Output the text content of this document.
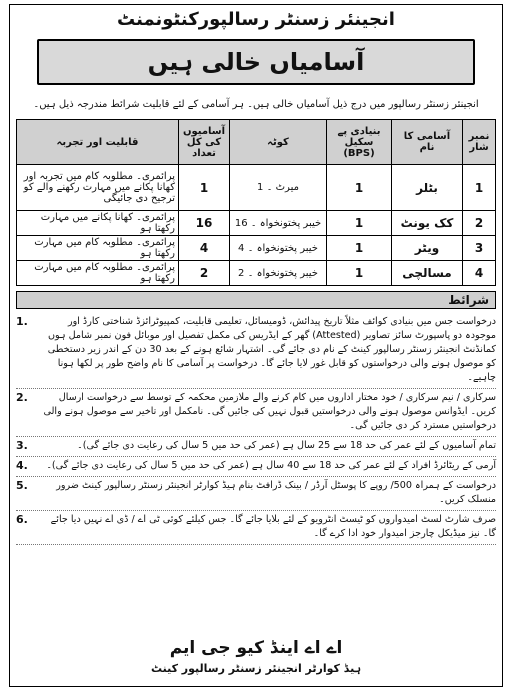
انجینئر زسنٹر رسالپورکنٹونمنٹ
آسامیاں خالی ہیں
انجینئر زسنٹر رسالپور میں درج ذیل آسامیاں خالی ہیں۔ ہر آسامی کے لئے قابلیت شرائط مندرجہ ذیل ہیں۔
نمبر شار	آسامی کا نام	بنیادی پے سکیل (BPS)	کوٹہ	آسامیوں کی کل تعداد	قابلیت اور تجربہ
1	بٹلر	1	میرٹ ۔ 1	1	پرائمری۔ مطلوبہ کام میں تجربہ اور کھانا پکانے میں مہارت رکھنے والے کو ترجیح دی جائیگی
2	کک یونٹ	1	خیبر پختونخواہ ۔ 16	16	پرائمری۔ کھانا پکانے میں مہارت رکھتا ہو
3	ویٹر	1	خیبر پختونخواہ ۔ 4	4	پرائمری۔ مطلوبہ کام میں مہارت رکھتا ہو
4	مسالچی	1	خیبر پختونخواہ ۔ 2	2	پرائمری۔ مطلوبہ کام میں مہارت رکھتا ہو
شرائط
1.	درخواست جس میں بنیادی کوائف مثلاً تاریخ پیدائش، ڈومیسائل، تعلیمی قابلیت، کمپیوٹرائزڈ شناختی کارڈ اور موجودہ دو پاسپورٹ سائز تصاویر (Attested) گھر کے ایڈریس کی مکمل تفصیل اور موبائل فون نمبر شامل ہوں کمانڈنٹ انجینئر زسنٹر رسالپور کینٹ کے نام دی جائے گی۔ اشتہار شائع ہونے کے بعد 30 دن کے اندر زیر دستخطی کو موصول ہونے والی درخواستوں کو قابل غور لایا جائے گا۔ درخواست پر آسامی کا نام واضح طور پر لکھا ہونا چاہیے۔
2.	سرکاری / نیم سرکاری / خود مختار اداروں میں کام کرنے والے ملازمین محکمہ کے توسط سے درخواست ارسال کریں۔ ایڈوانس موصول ہونے والی درخواستیں قبول نہیں کی جائیں گی۔ نامکمل اور تاخیر سے موصول ہونے والی درخواستیں مسترد کر دی جائیں گی۔
3.	تمام آسامیوں کے لئے عمر کی حد 18 سے 25 سال ہے (عمر کی حد میں 5 سال کی رعایت دی جائے گی)۔
4.	آرمی کے ریٹائرڈ افراد کے لئے عمر کی حد 18 سے 40 سال ہے (عمر کی حد میں 5 سال کی رعایت دی جائے گی)۔
5.	درخواست کے ہمراہ 500/ روپے کا پوسٹل آرڈر / بینک ڈرافٹ بنام ہیڈ کوارٹر انجینئر زسنٹر رسالپور کینٹ ضرور منسلک کریں۔
6.	صرف شارٹ لسٹ امیدواروں کو ٹیسٹ انٹرویو کے لئے بلایا جائے گا۔ جس کیلئے کوئی ٹی اے / ڈی اے نہیں دیا جائے گا۔ نیز میڈیکل چارجز امیدوار خود ادا کرے گا۔
اے اے اینڈ کیو جی ایم
ہیڈ کوارٹر انجینئر زسنٹر رسالپور کینٹ
